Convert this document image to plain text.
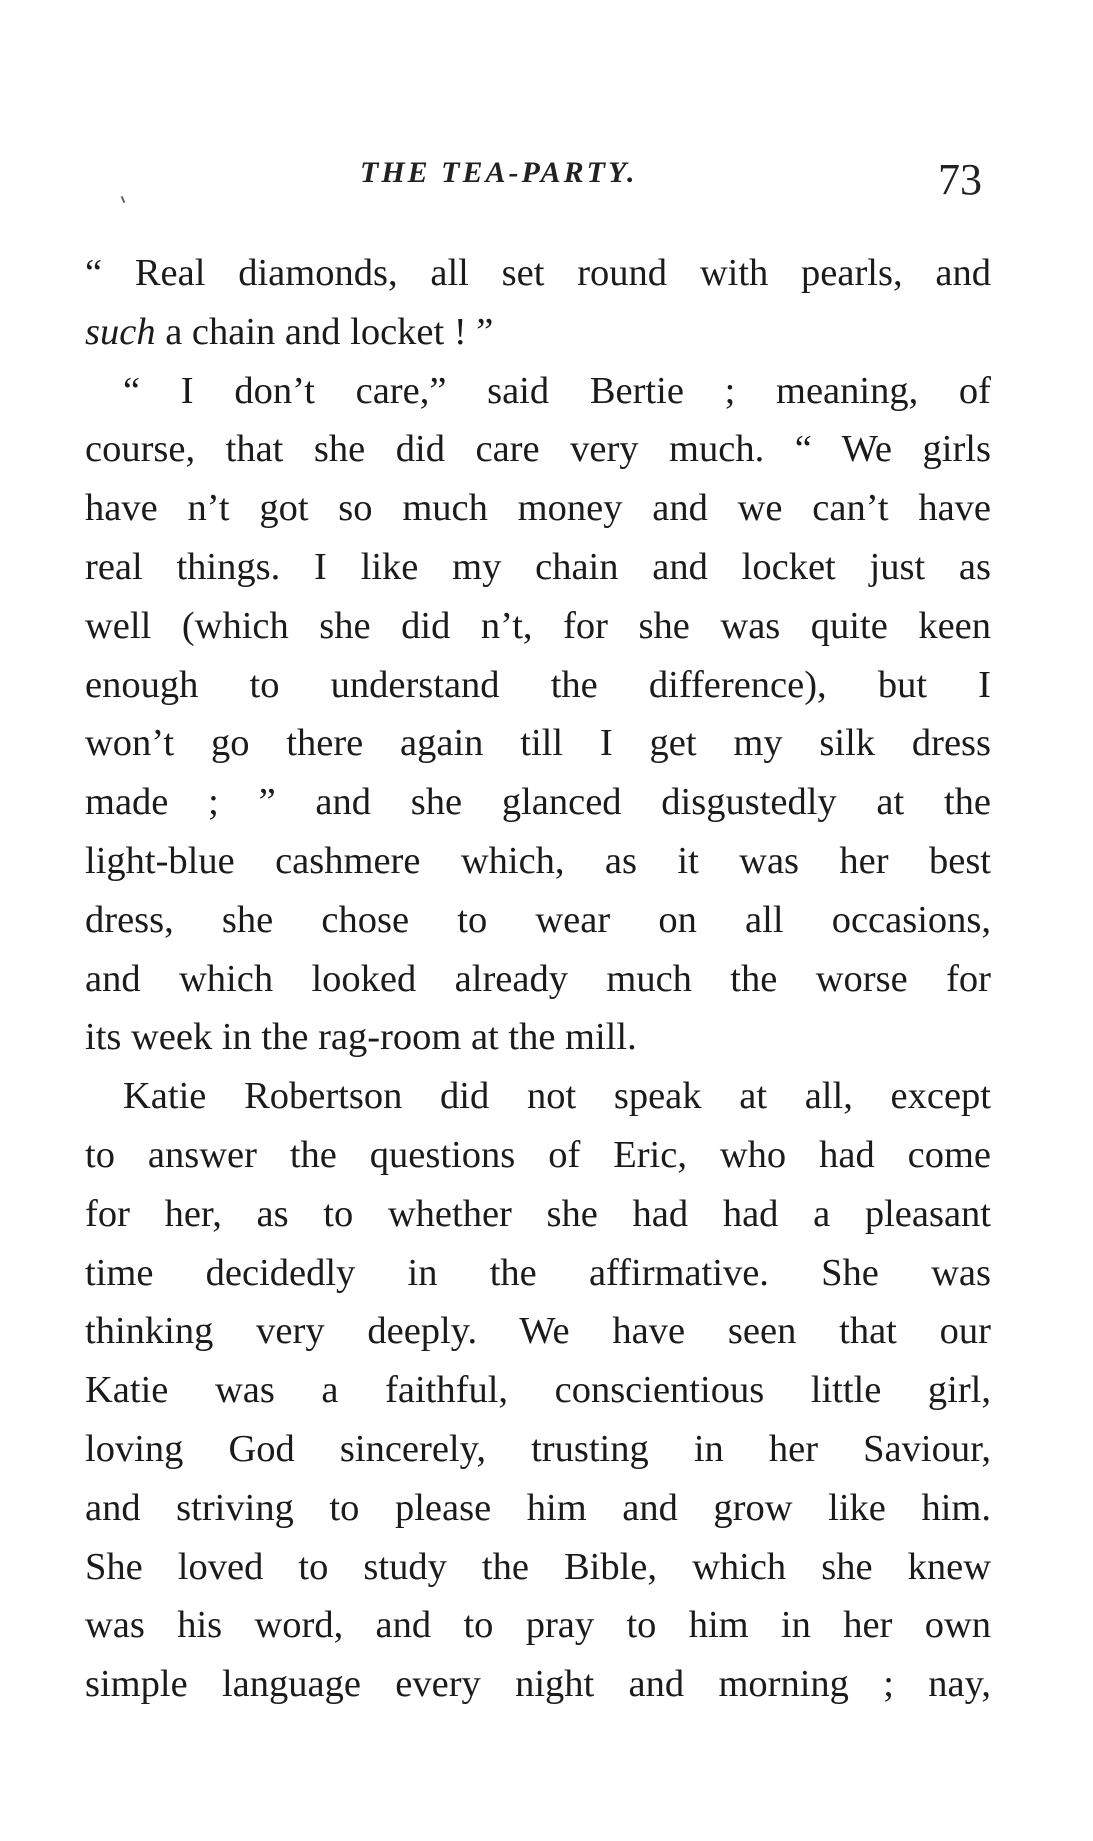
THE TEA-PARTY.	73
“ Real diamonds, all set round with pearls, and
such a chain and locket ! ”
“ I don’t care,” said Bertie ; meaning, of
course, that she did care very much. “ We girls
have n’t got so much money and we can’t have
real things. I like my chain and locket just as
well (which she did n’t, for she was quite keen
enough to understand the difference), but I
won’t go there again till I get my silk dress
made ; ” and she glanced disgustedly at the
light-blue cashmere which, as it was her best
dress, she chose to wear on all occasions,
and which looked already much the worse for
its week in the rag-room at the mill.
Katie Robertson did not speak at all, except
to answer the questions of Eric, who had come
for her, as to whether she had had a pleasant
time decidedly in the affirmative. She was
thinking very deeply. We have seen that our
Katie was a faithful, conscientious little girl,
loving God sincerely, trusting in her Saviour,
and striving to please him and grow like him.
She loved to study the Bible, which she knew
was his word, and to pray to him in her own
simple language every night and morning ; nay,
